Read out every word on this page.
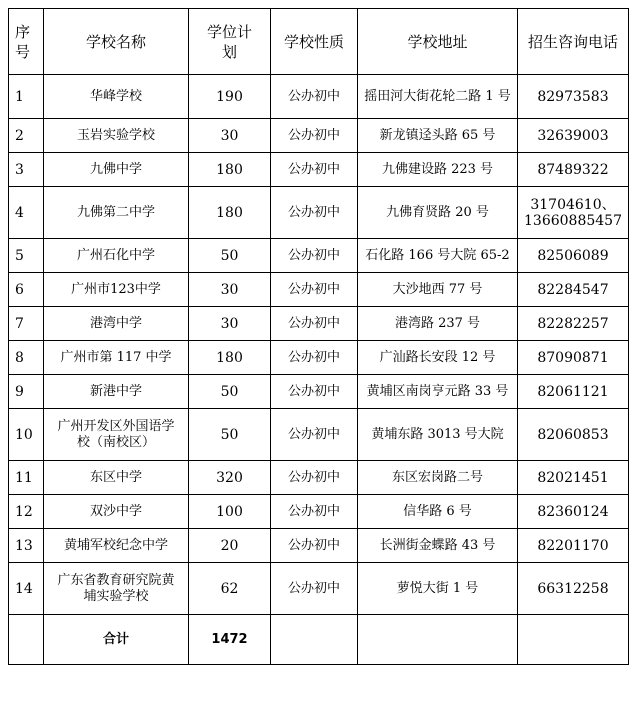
序号	学校名称	学位计划	学校性质	学校地址	招生咨询电话
1	华峰学校	190	公办初中	摇田河大街花轮二路 1 号	82973583
2	玉岩实验学校	30	公办初中	新龙镇迳头路 65 号	32639003
3	九佛中学	180	公办初中	九佛建设路 223 号	87489322
4	九佛第二中学	180	公办初中	九佛育贤路 20 号	31704610、13660885457
5	广州石化中学	50	公办初中	石化路 166 号大院 65-2	82506089
6	广州市123中学	30	公办初中	大沙地西 77 号	82284547
7	港湾中学	30	公办初中	港湾路 237 号	82282257
8	广州市第 117 中学	180	公办初中	广汕路长安段 12 号	87090871
9	新港中学	50	公办初中	黄埔区南岗亨元路 33 号	82061121
10	广州开发区外国语学校（南校区）	50	公办初中	黄埔东路 3013 号大院	82060853
11	东区中学	320	公办初中	东区宏岗路二号	82021451
12	双沙中学	100	公办初中	信华路 6 号	82360124
13	黄埔军校纪念中学	20	公办初中	长洲街金蝶路 43 号	82201170
14	广东省教育研究院黄埔实验学校	62	公办初中	萝悦大街 1 号	66312258
	合计	1472			
